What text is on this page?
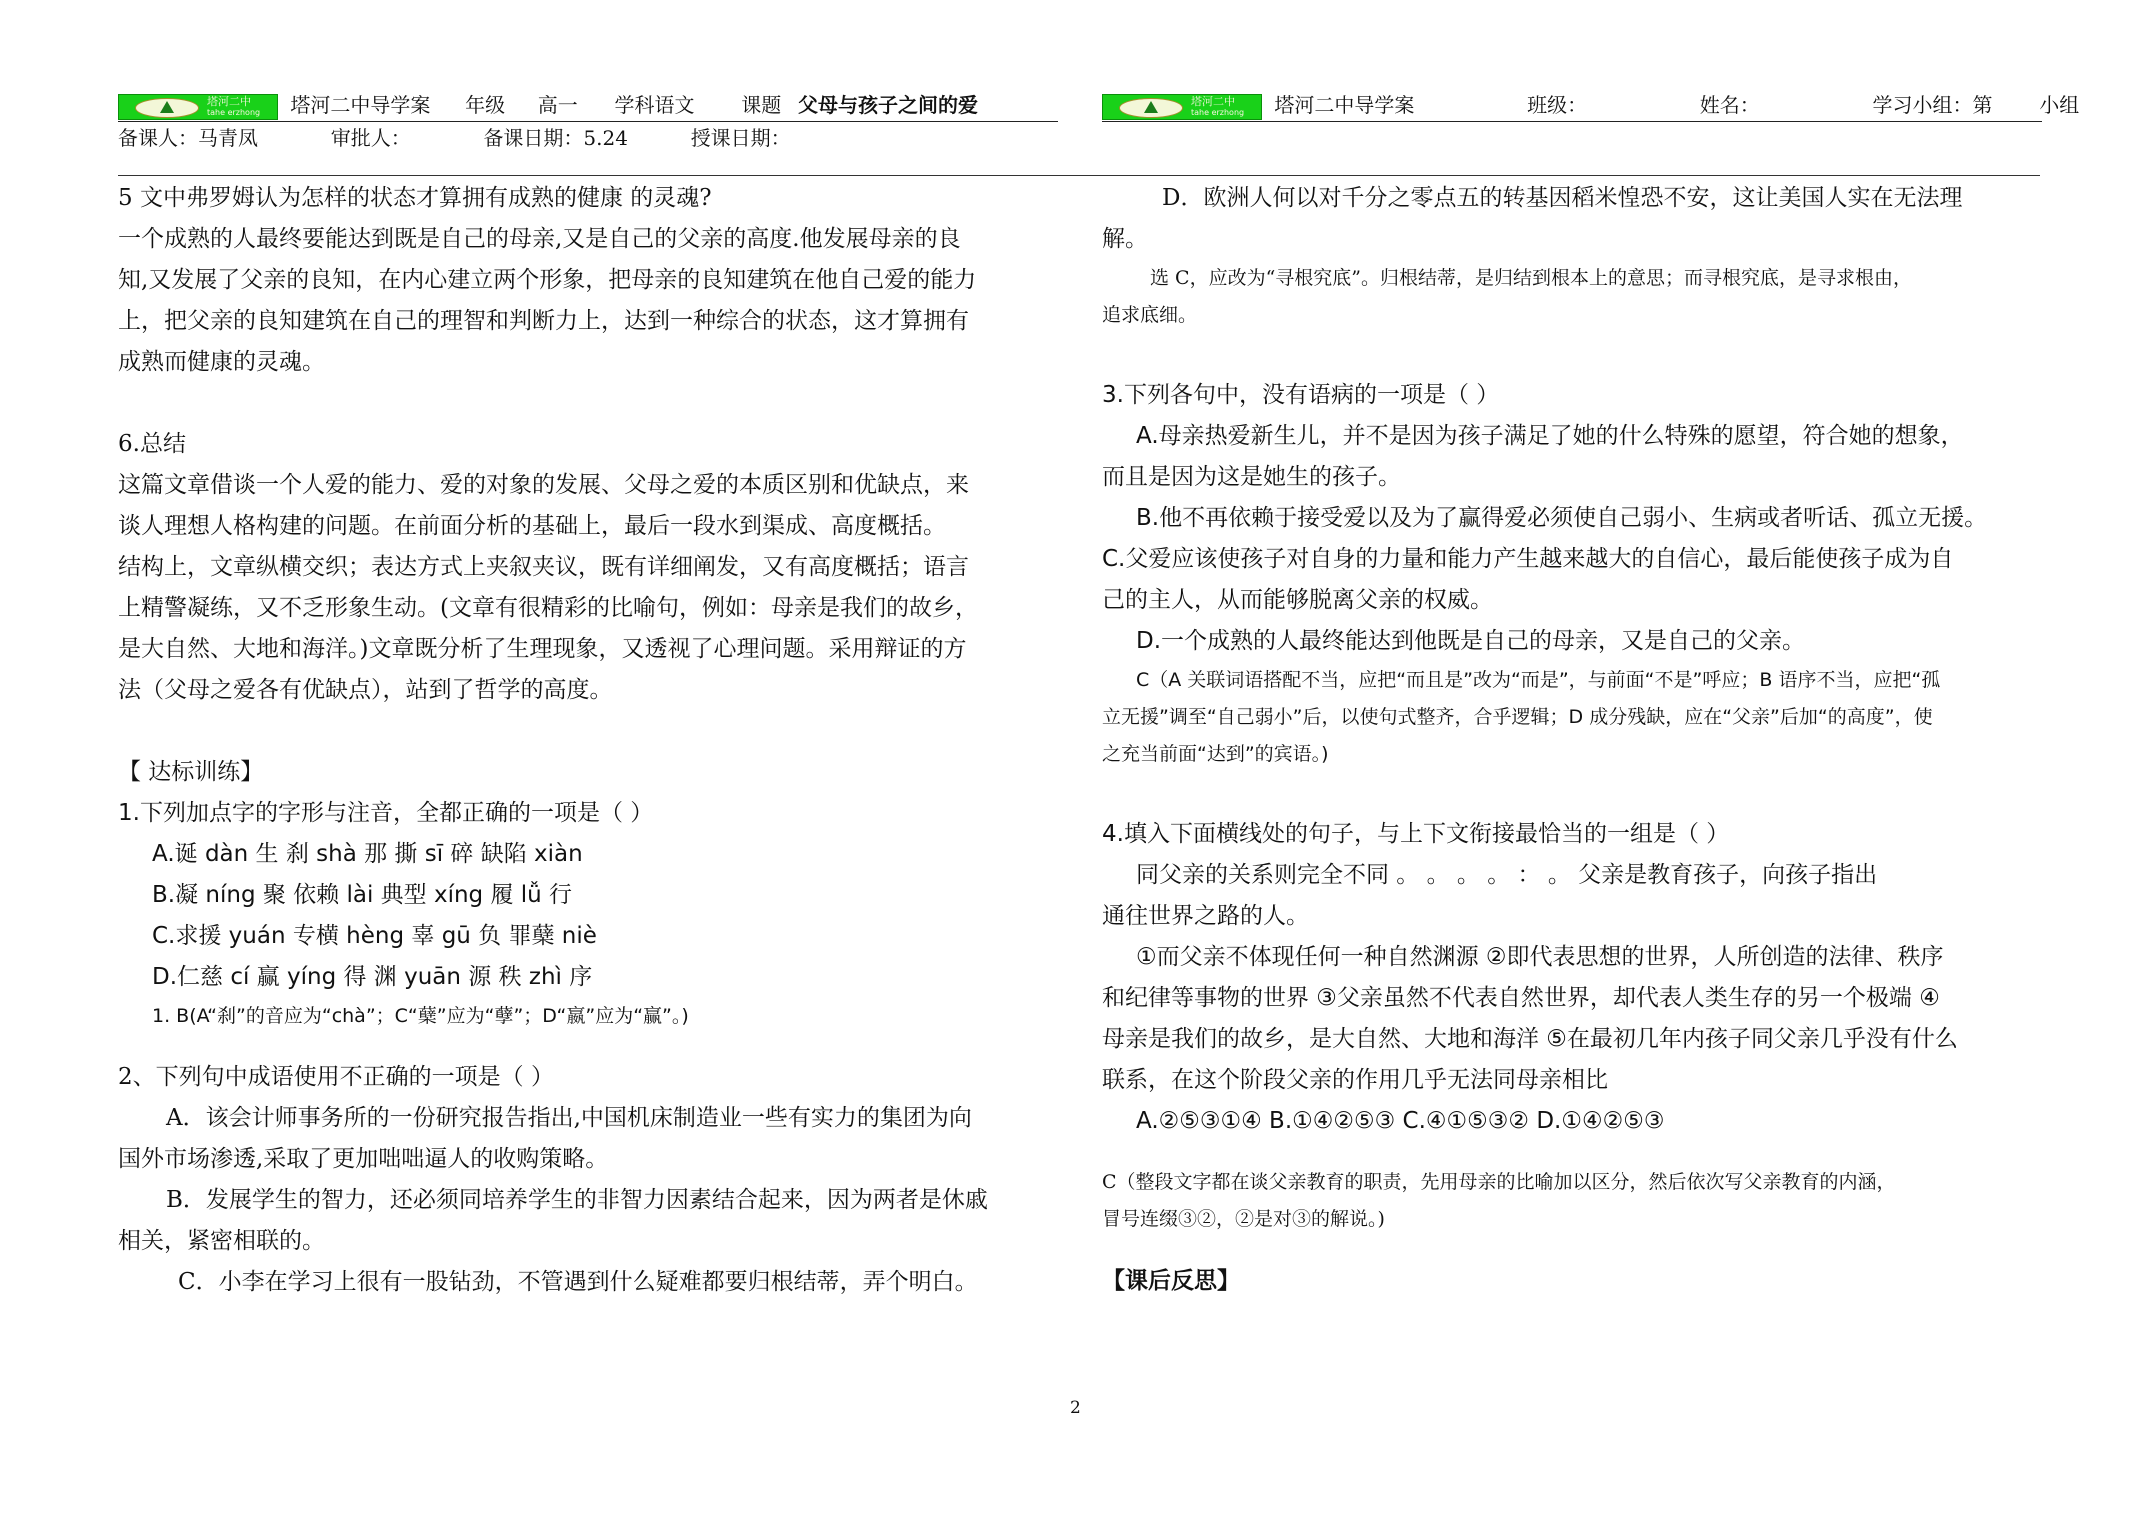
塔河二中
tahe erzhong 塔河二中导学案 年级 高一 学科语文 课题 父母与孩子之间的爱	塔河二中
tahe erzhong 塔河二中导学案	班级：	姓名：	学习小组：第 小组
备课人：马青凤	审批人：	备课日期：5.24	授课日期：

5 文中弗罗姆认为怎样的状态才算拥有成熟的健康 的灵魂?

一个成熟的人最终要能达到既是自己的母亲,又是自己的父亲的高度.他发展母亲的良

知,又发展了父亲的良知，在内心建立两个形象，把母亲的良知建筑在他自己爱的能力

上，把父亲的良知建筑在自己的理智和判断力上，达到一种综合的状态，这才算拥有

成熟而健康的灵魂。

6.总结

这篇文章借谈一个人爱的能力、爱的对象的发展、父母之爱的本质区别和优缺点，来

谈人理想人格构建的问题。在前面分析的基础上，最后一段水到渠成、高度概括。

结构上，文章纵横交织；表达方式上夹叙夹议，既有详细阐发，又有高度概括；语言

上精警凝练，又不乏形象生动。(文章有很精彩的比喻句，例如：母亲是我们的故乡，

是大自然、大地和海洋。)文章既分析了生理现象，又透视了心理问题。采用辩证的方

法（父母之爱各有优缺点），站到了哲学的高度。

【 达标训练】

1.下列加点字的字形与注音，全都正确的一项是（ ）

A.诞 dàn 生 刹 shà 那 撕 sī 碎 缺陷 xiàn

B.凝 níng 聚 依赖 lài 典型 xíng 履 lǚ 行

C.求援 yuán 专横 hèng 辜 gū 负 罪蘖 niè

D.仁慈 cí 赢 yíng 得 渊 yuān 源 秩 zhì 序

1. B(A“刹”的音应为“chà”；C“蘖”应为“孽”；D“嬴”应为“赢”。)

2、下列句中成语使用不正确的一项是（ ）

A．该会计师事务所的一份研究报告指出,中国机床制造业一些有实力的集团为向

国外市场渗透,采取了更加咄咄逼人的收购策略。

B．发展学生的智力，还必须同培养学生的非智力因素结合起来，因为两者是休戚

相关，紧密相联的。

C．小李在学习上很有一股钻劲，不管遇到什么疑难都要归根结蒂，弄个明白。

D．欧洲人何以对千分之零点五的转基因稻米惶恐不安，这让美国人实在无法理

解。

选 C，应改为“寻根究底”。归根结蒂，是归结到根本上的意思；而寻根究底，是寻求根由，

追求底细。

3.下列各句中，没有语病的一项是（ ）

A.母亲热爱新生儿，并不是因为孩子满足了她的什么特殊的愿望，符合她的想象，

而且是因为这是她生的孩子。

B.他不再依赖于接受爱以及为了赢得爱必须使自己弱小、生病或者听话、孤立无援。

C.父爱应该使孩子对自身的力量和能力产生越来越大的自信心，最后能使孩子成为自

己的主人，从而能够脱离父亲的权威。

D.一个成熟的人最终能达到他既是自己的母亲，又是自己的父亲。

C（A 关联词语搭配不当，应把“而且是”改为“而是”，与前面“不是”呼应；B 语序不当，应把“孤

立无援”调至“自己弱小”后，以使句式整齐，合乎逻辑；D 成分残缺，应在“父亲”后加“的高度”，使

之充当前面“达到”的宾语。)

4.填入下面横线处的句子，与上下文衔接最恰当的一组是（ ）

同父亲的关系则完全不同 。 。 。 。 ： 。 父亲是教育孩子，向孩子指出

通往世界之路的人。

①而父亲不体现任何一种自然渊源 ②即代表思想的世界，人所创造的法律、秩序

和纪律等事物的世界 ③父亲虽然不代表自然世界，却代表人类生存的另一个极端 ④

母亲是我们的故乡，是大自然、大地和海洋 ⑤在最初几年内孩子同父亲几乎没有什么

联系，在这个阶段父亲的作用几乎无法同母亲相比

A.②⑤③①④ B.①④②⑤③ C.④①⑤③② D.①④②⑤③

C（整段文字都在谈父亲教育的职责，先用母亲的比喻加以区分，然后依次写父亲教育的内涵，

冒号连缀③②，②是对③的解说。)

【课后反思】

2
